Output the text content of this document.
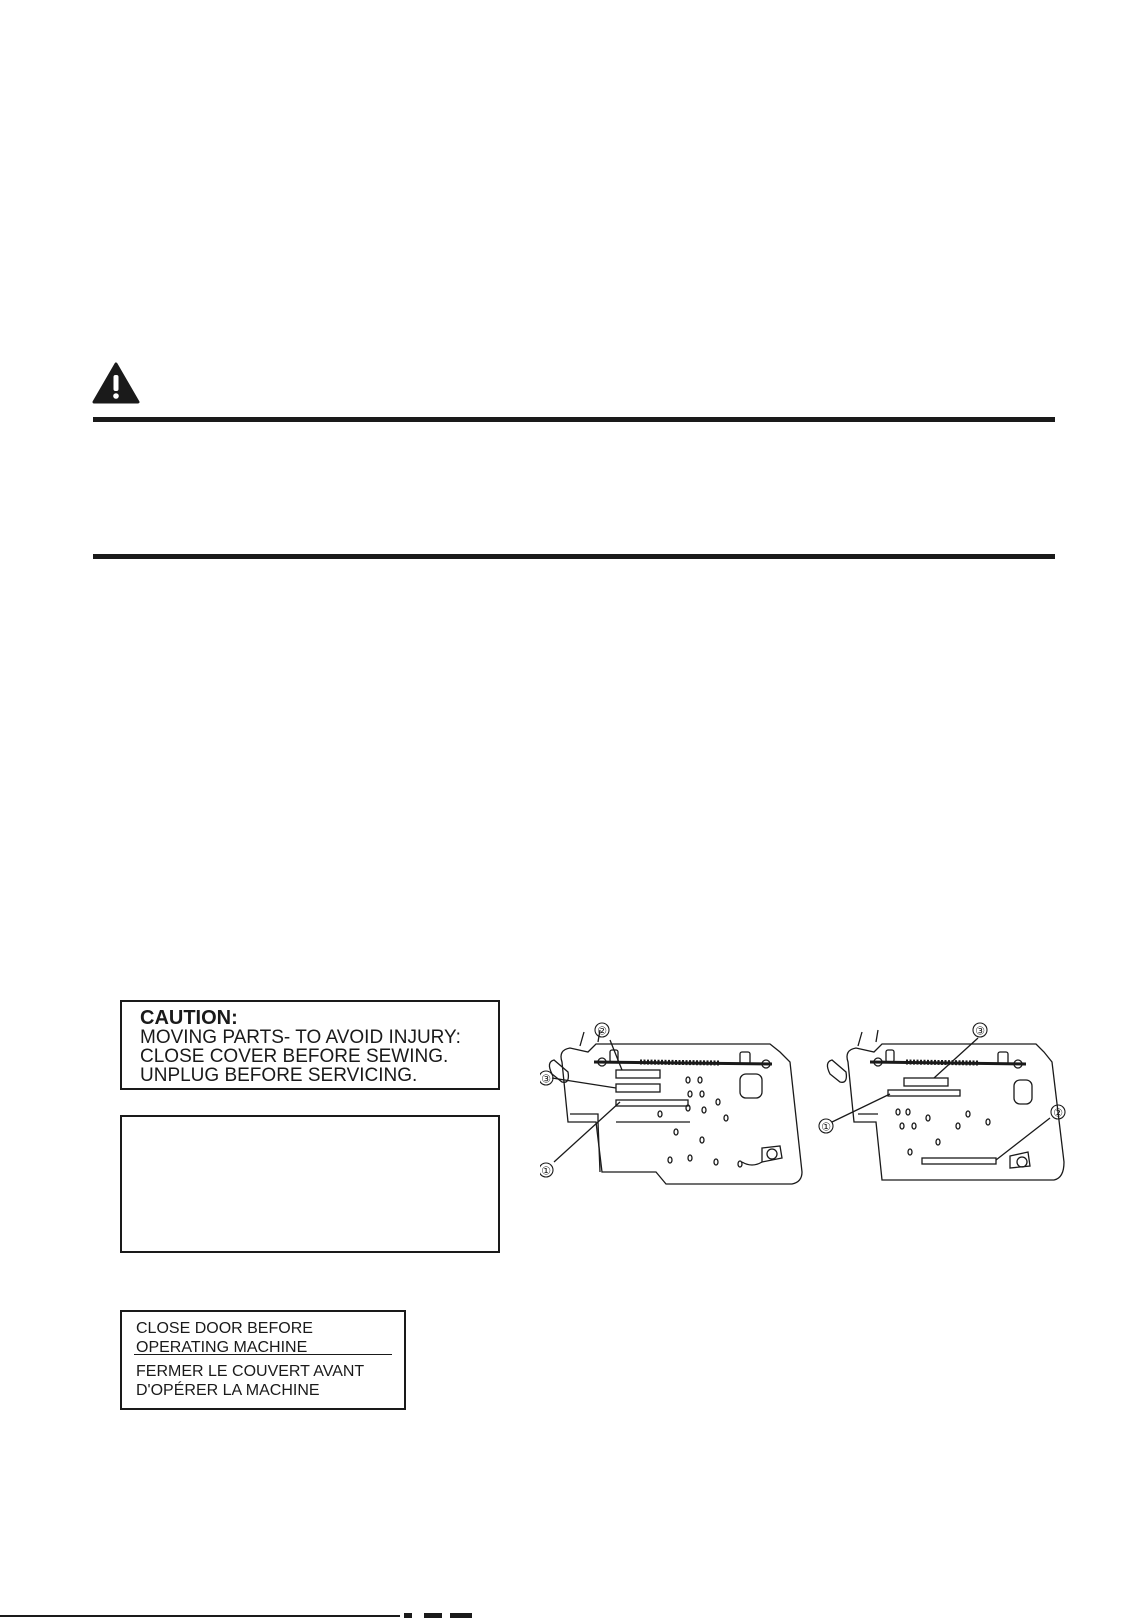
CAUTION:
MOVING PARTS- TO AVOID INJURY:
CLOSE COVER BEFORE SEWING.
UNPLUG BEFORE SERVICING.
CLOSE DOOR BEFORE
OPERATING MACHINE
FERMER LE COUVERT AVANT
D'OPÉRER LA MACHINE
②
③
①
③
①
②
